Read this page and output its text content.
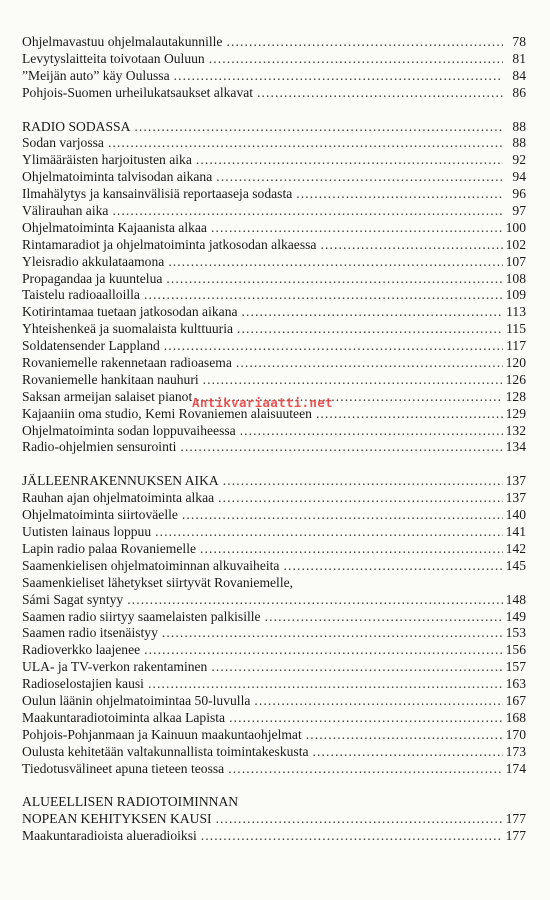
Ohjelmavastuu ohjelmalautakunnille .....	78
Levytyslaitteita toivotaan Ouluun .....	81
”Meijän auto” käy Oulussa .....	84
Pohjois-Suomen urheilukatsaukset alkavat .....	86
RADIO SODASSA .....	88
Sodan varjossa .....	88
Ylimääräisten harjoitusten aika .....	92
Ohjelmatoiminta talvisodan aikana .....	94
Ilmahälytys ja kansainvälisiä reportaaseja sodasta .....	96
Välirauhan aika .....	97
Ohjelmatoiminta Kajaanista alkaa .....	100
Rintamaradiot ja ohjelmatoiminta jatkosodan alkaessa .....	102
Yleisradio akkulataamona .....	107
Propagandaa ja kuuntelua .....	108
Taistelu radioaalloilla .....	109
Kotirintamaa tuetaan jatkosodan aikana .....	113
Yhteishenkeä ja suomalaista kulttuuria .....	115
Soldatensender Lappland .....	117
Rovaniemelle rakennetaan radioasema .....	120
Rovaniemelle hankitaan nauhuri .....	126
Saksan armeijan salaiset pianot .....	128
Kajaaniin oma studio, Kemi Rovaniemen alaisuuteen .....	129
Ohjelmatoiminta sodan loppuvaiheessa .....	132
Radio-ohjelmien sensurointi .....	134
JÄLLEENRAKENNUKSEN AIKA .....	137
Rauhan ajan ohjelmatoiminta alkaa .....	137
Ohjelmatoiminta siirtoväelle .....	140
Uutisten lainaus loppuu .....	141
Lapin radio palaa Rovaniemelle .....	142
Saamenkielisen ohjelmatoiminnan alkuvaiheita .....	145
Saamenkieliset lähetykset siirtyvät Rovaniemelle,
Sámi Sagat syntyy .....	148
Saamen radio siirtyy saamelaisten palkisille .....	149
Saamen radio itsenäistyy .....	153
Radioverkko laajenee .....	156
ULA- ja TV-verkon rakentaminen .....	157
Radioselostajien kausi .....	163
Oulun läänin ohjelmatoimintaa 50-luvulla .....	167
Maakuntaradiotoiminta alkaa Lapista .....	168
Pohjois-Pohjanmaan ja Kainuun maakuntaohjelmat .....	170
Oulusta kehitetään valtakunnallista toimintakeskusta .....	173
Tiedotusvälineet apuna tieteen teossa .....	174
ALUEELLISEN RADIOTOIMINNAN
NOPEAN KEHITYKSEN KAUSI .....	177
Maakuntaradioista alueradioiksi .....	177
Antikvariaatti.net
